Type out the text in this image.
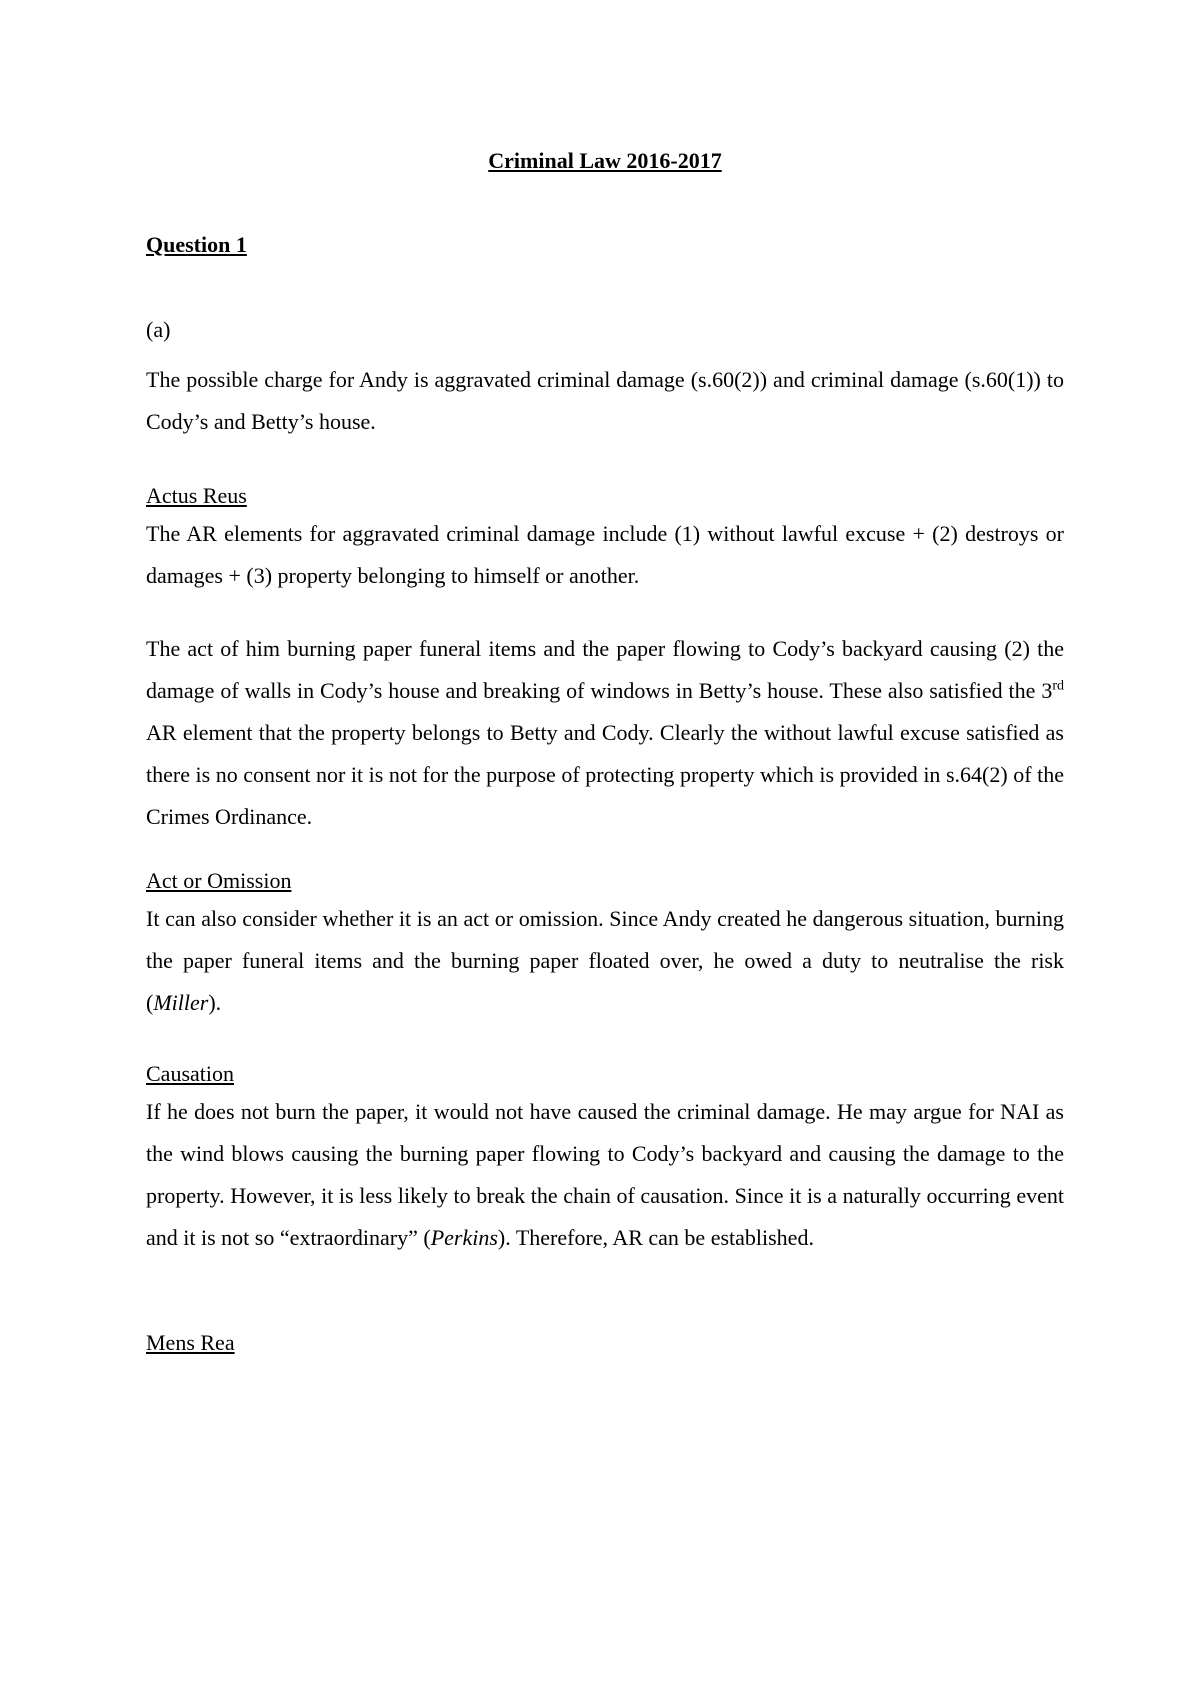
Criminal Law 2016-2017

Question 1

(a)

The possible charge for Andy is aggravated criminal damage (s.60(2)) and criminal damage (s.60(1)) to Cody’s and Betty’s house.

Actus Reus

The AR elements for aggravated criminal damage include (1) without lawful excuse + (2) destroys or damages + (3) property belonging to himself or another.

The act of him burning paper funeral items and the paper flowing to Cody’s backyard causing (2) the damage of walls in Cody’s house and breaking of windows in Betty’s house. These also satisfied the 3rd AR element that the property belongs to Betty and Cody. Clearly the without lawful excuse satisfied as there is no consent nor it is not for the purpose of protecting property which is provided in s.64(2) of the Crimes Ordinance.

Act or Omission

It can also consider whether it is an act or omission. Since Andy created he dangerous situation, burning the paper funeral items and the burning paper floated over, he owed a duty to neutralise the risk (Miller).

Causation

If he does not burn the paper, it would not have caused the criminal damage. He may argue for NAI as the wind blows causing the burning paper flowing to Cody’s backyard and causing the damage to the property. However, it is less likely to break the chain of causation. Since it is a naturally occurring event and it is not so “extraordinary” (Perkins). Therefore, AR can be established.

Mens Rea
